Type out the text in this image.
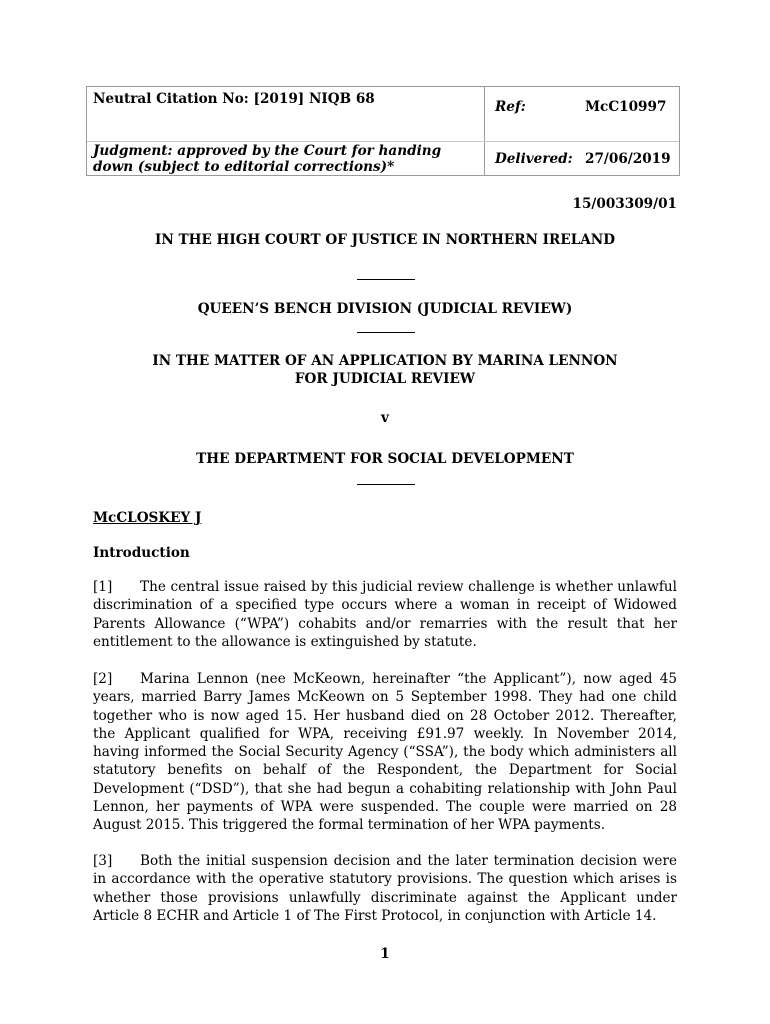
Neutral Citation No: [2019] NIQB 68
Judgment: approved by the Court for handing down (subject to editorial corrections)*
Ref:	McC10997
Delivered: 27/06/2019
15/003309/01
IN THE HIGH COURT OF JUSTICE IN NORTHERN IRELAND
QUEEN’S BENCH DIVISION (JUDICIAL REVIEW)
IN THE MATTER OF AN APPLICATION BY MARINA LENNON
FOR JUDICIAL REVIEW
v
THE DEPARTMENT FOR SOCIAL DEVELOPMENT
McCLOSKEY J
Introduction

[1] The central issue raised by this judicial review challenge is whether unlawful discrimination of a specified type occurs where a woman in receipt of Widowed Parents Allowance (“WPA”) cohabits and/or remarries with the result that her entitlement to the allowance is extinguished by statute.

[2] Marina Lennon (nee McKeown, hereinafter “the Applicant”), now aged 45 years, married Barry James McKeown on 5 September 1998. They had one child together who is now aged 15. Her husband died on 28 October 2012. Thereafter, the Applicant qualified for WPA, receiving £91.97 weekly. In November 2014, having informed the Social Security Agency (“SSA”), the body which administers all statutory benefits on behalf of the Respondent, the Department for Social Development (“DSD”), that she had begun a cohabiting relationship with John Paul Lennon, her payments of WPA were suspended. The couple were married on 28 August 2015. This triggered the formal termination of her WPA payments.

[3] Both the initial suspension decision and the later termination decision were in accordance with the operative statutory provisions. The question which arises is whether those provisions unlawfully discriminate against the Applicant under Article 8 ECHR and Article 1 of The First Protocol, in conjunction with Article 14.

1
